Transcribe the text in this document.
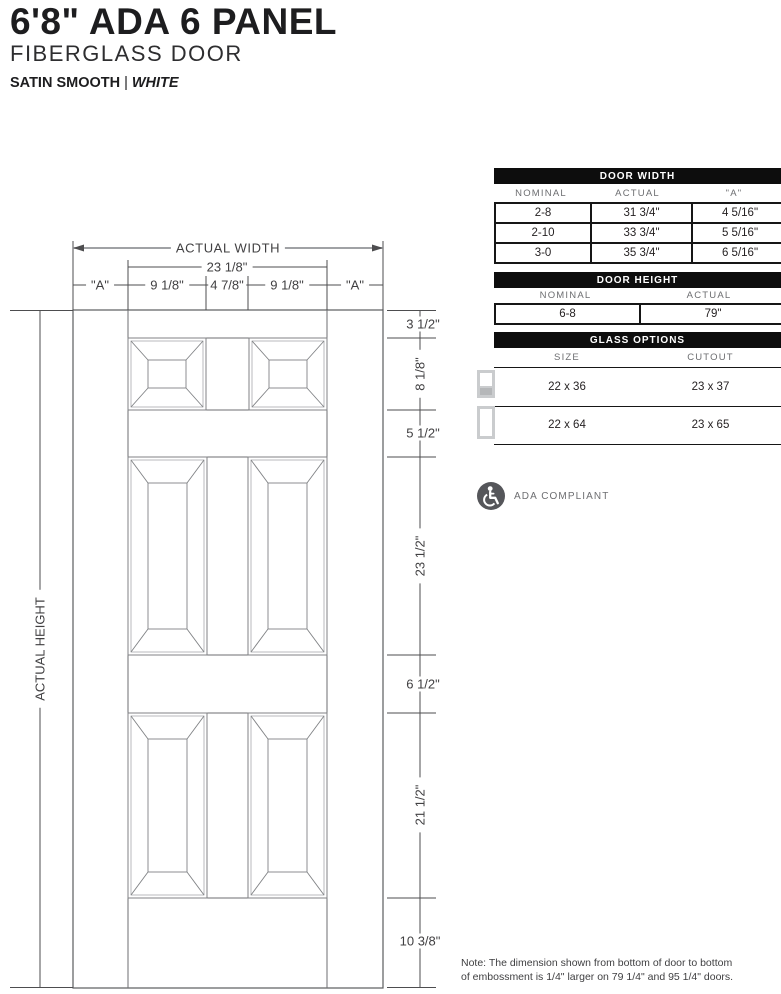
6'8" ADA 6 PANEL
FIBERGLASS DOOR
SATIN SMOOTH | WHITE
ACTUAL WIDTH
23 1/8"
"A"	9 1/8"	4 7/8"	9 1/8"	"A"
3 1/2"
8 1/8"
5 1/2"
23 1/2"
6 1/2"
21 1/2"
10 3/8"
ACTUAL HEIGHT
DOOR WIDTH
NOMINAL	ACTUAL	"A"
2-8	31 3/4"	4 5/16"
2-10	33 3/4"	5 5/16"
3-0	35 3/4"	6 5/16"
DOOR HEIGHT
NOMINAL	ACTUAL
6-8	79"
GLASS OPTIONS
SIZE	CUTOUT
22 x 36	23 x 37
22 x 64	23 x 65
ADA COMPLIANT
Note: The dimension shown from bottom of door to bottom
of embossment is 1/4" larger on 79 1/4" and 95 1/4" doors.
